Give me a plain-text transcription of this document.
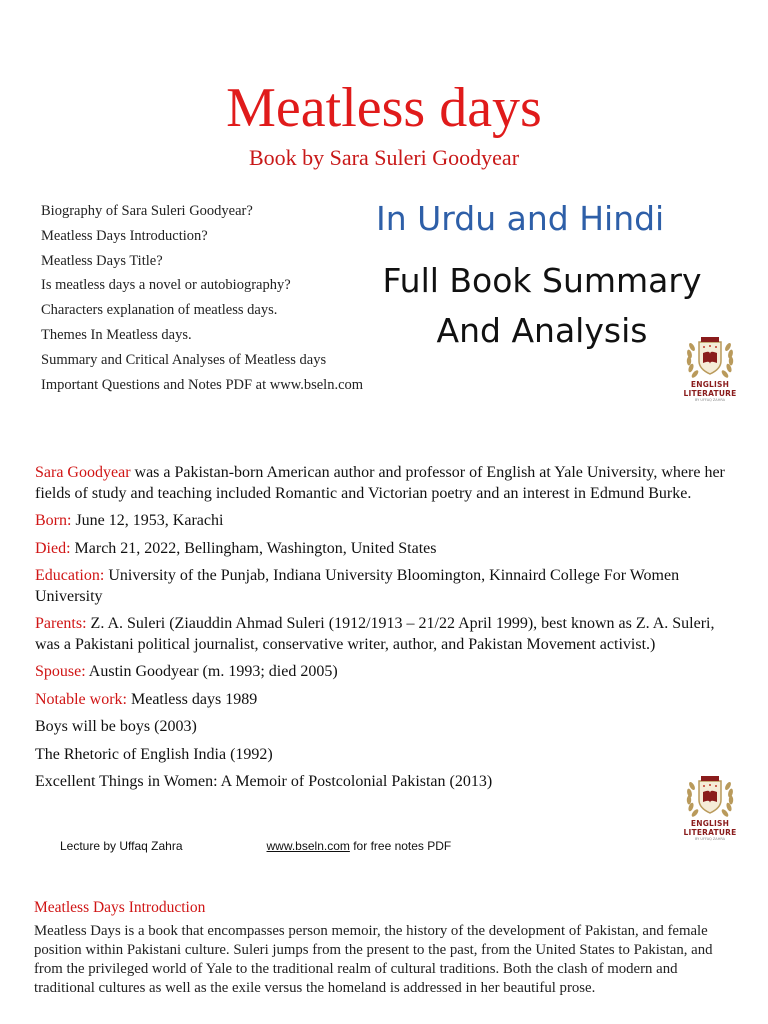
Meatless days
Book by Sara Suleri Goodyear
Biography of Sara Suleri Goodyear?
Meatless Days Introduction?
Meatless Days Title?
Is meatless days a novel or autobiography?
Characters explanation of meatless days.
Themes In Meatless days.
Summary and Critical Analyses of Meatless days
Important Questions and Notes PDF at www.bseln.com
In Urdu and Hindi
Full Book Summary
And Analysis
ENGLISH
LITERATURE
BY UFFAQ ZAHRA

Sara Goodyear was a Pakistan-born American author and professor of English at Yale University, where her fields of study and teaching included Romantic and Victorian poetry and an interest in Edmund Burke.

Born: June 12, 1953, Karachi

Died: March 21, 2022, Bellingham, Washington, United States

Education: University of the Punjab, Indiana University Bloomington, Kinnaird College For Women University

Parents: Z. A. Suleri (Ziauddin Ahmad Suleri (1912/1913 – 21/22 April 1999), best known as Z. A. Suleri, was a Pakistani political journalist, conservative writer, author, and Pakistan Movement activist.)

Spouse: Austin Goodyear (m. 1993; died 2005)

Notable work: Meatless days 1989

Boys will be boys (2003)

The Rhetoric of English India (1992)

Excellent Things in Women: A Memoir of Postcolonial Pakistan (2013)

ENGLISH
LITERATURE
BY UFFAQ ZAHRA
Lecture by Uffaq Zahra	www.bseln.com for free notes PDF
Meatless Days Introduction

Meatless Days is a book that encompasses person memoir, the history of the development of Pakistan, and female position within Pakistani culture. Suleri jumps from the present to the past, from the United States to Pakistan, and from the privileged world of Yale to the traditional realm of cultural traditions. Both the clash of modern and traditional cultures as well as the exile versus the homeland is addressed in her beautiful prose.
